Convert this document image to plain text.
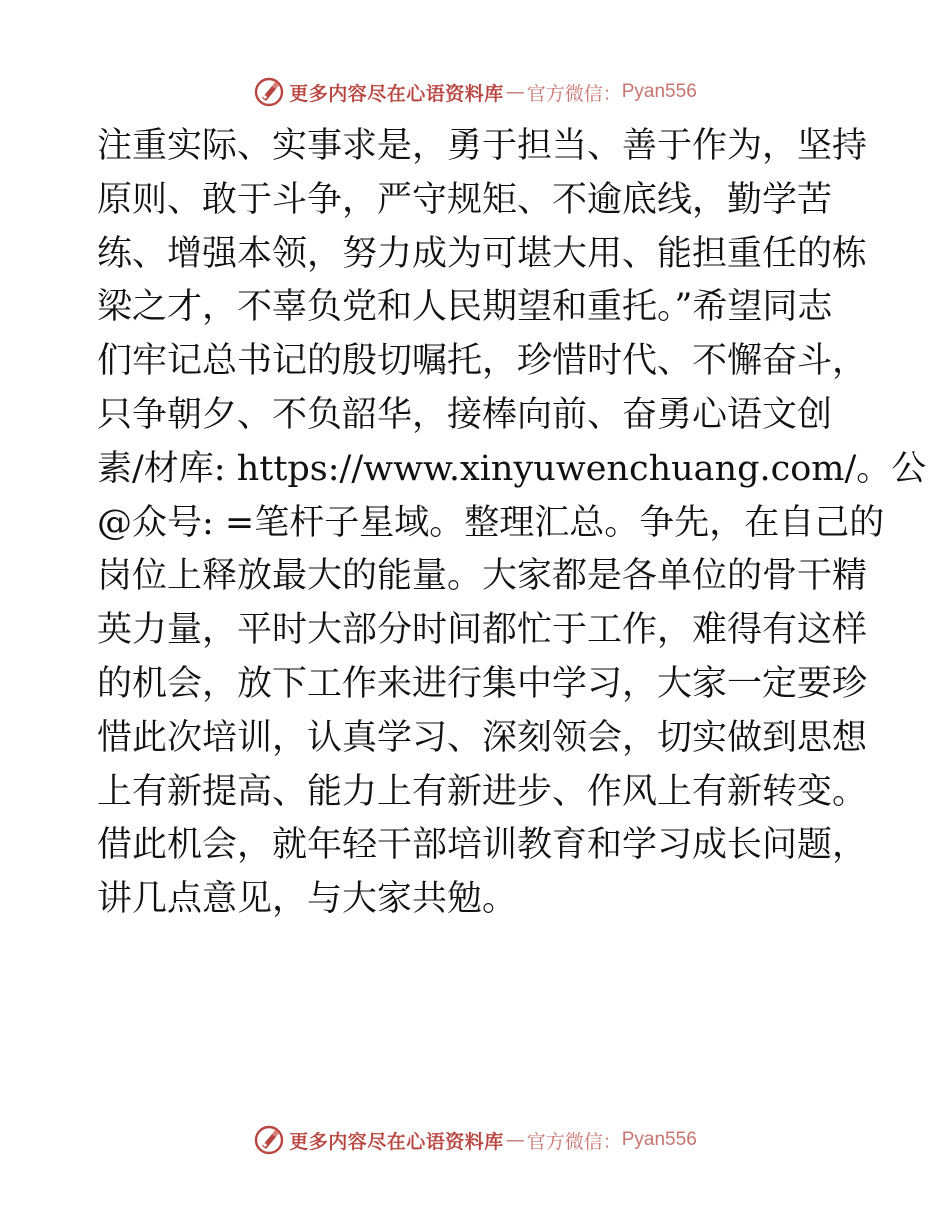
更多内容尽在心语资料库 — 官方微信： Pyan556
注重实际、实事求是，勇于担当、善于作为，坚持
原则、敢于斗争，严守规矩、不逾底线，勤学苦
练、增强本领，努力成为可堪大用、能担重任的栋
梁之才，不辜负党和人民期望和重托。”希望同志
们牢记总书记的殷切嘱托，珍惜时代、不懈奋斗，
只争朝夕、不负韶华，接棒向前、奋勇心语文创
素/材库: https://www.xinyuwenchuang.com/。公
@众号: =笔杆子星域。整理汇总。争先，在自己的
岗位上释放最大的能量。大家都是各单位的骨干精
英力量，平时大部分时间都忙于工作，难得有这样
的机会，放下工作来进行集中学习，大家一定要珍
惜此次培训，认真学习、深刻领会，切实做到思想
上有新提高、能力上有新进步、作风上有新转变。
借此机会，就年轻干部培训教育和学习成长问题，
讲几点意见，与大家共勉。
更多内容尽在心语资料库 — 官方微信： Pyan556
